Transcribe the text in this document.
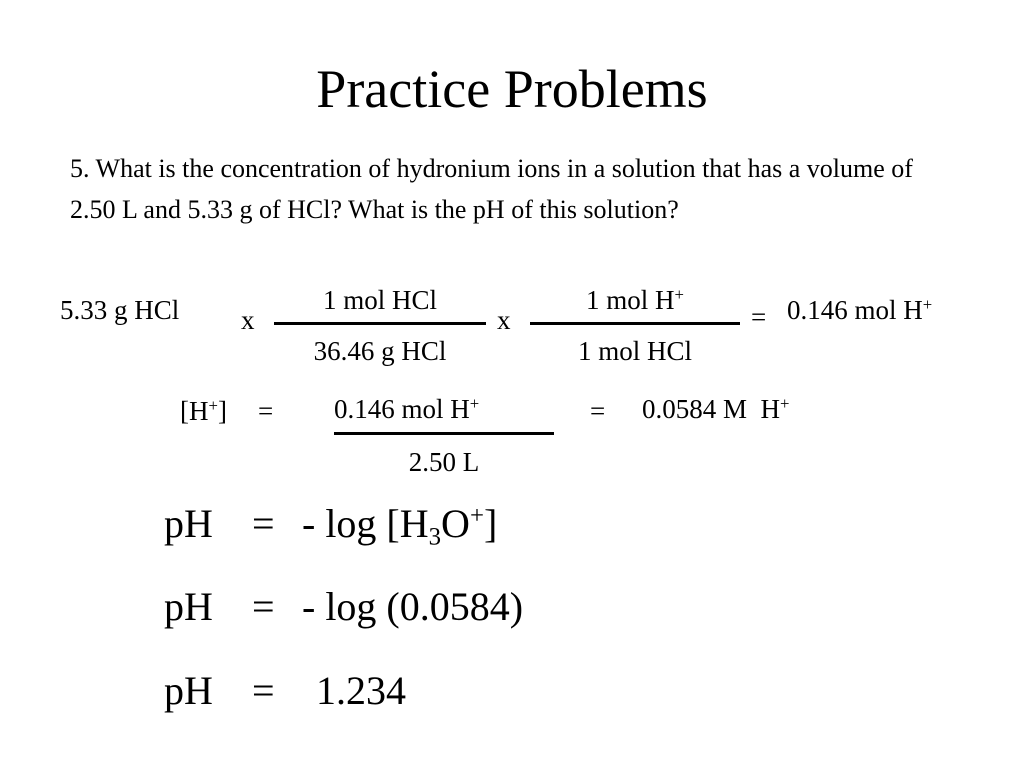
Practice Problems
5. What is the concentration of hydronium ions in a solution that has a volume of 2.50 L and 5.33 g of HCl? What is the pH of this solution?
5.33 g HCl x
1 mol HCl
36.46 g HCl
x
1 mol H+
1 mol HCl
= 0.146 mol H+
[H+] = 0.146 mol H+
2.50 L
= 0.0584 M  H+
pH = - $\log [H_3O^+]$
pH = - log (0.0584)
pH = 1.234
